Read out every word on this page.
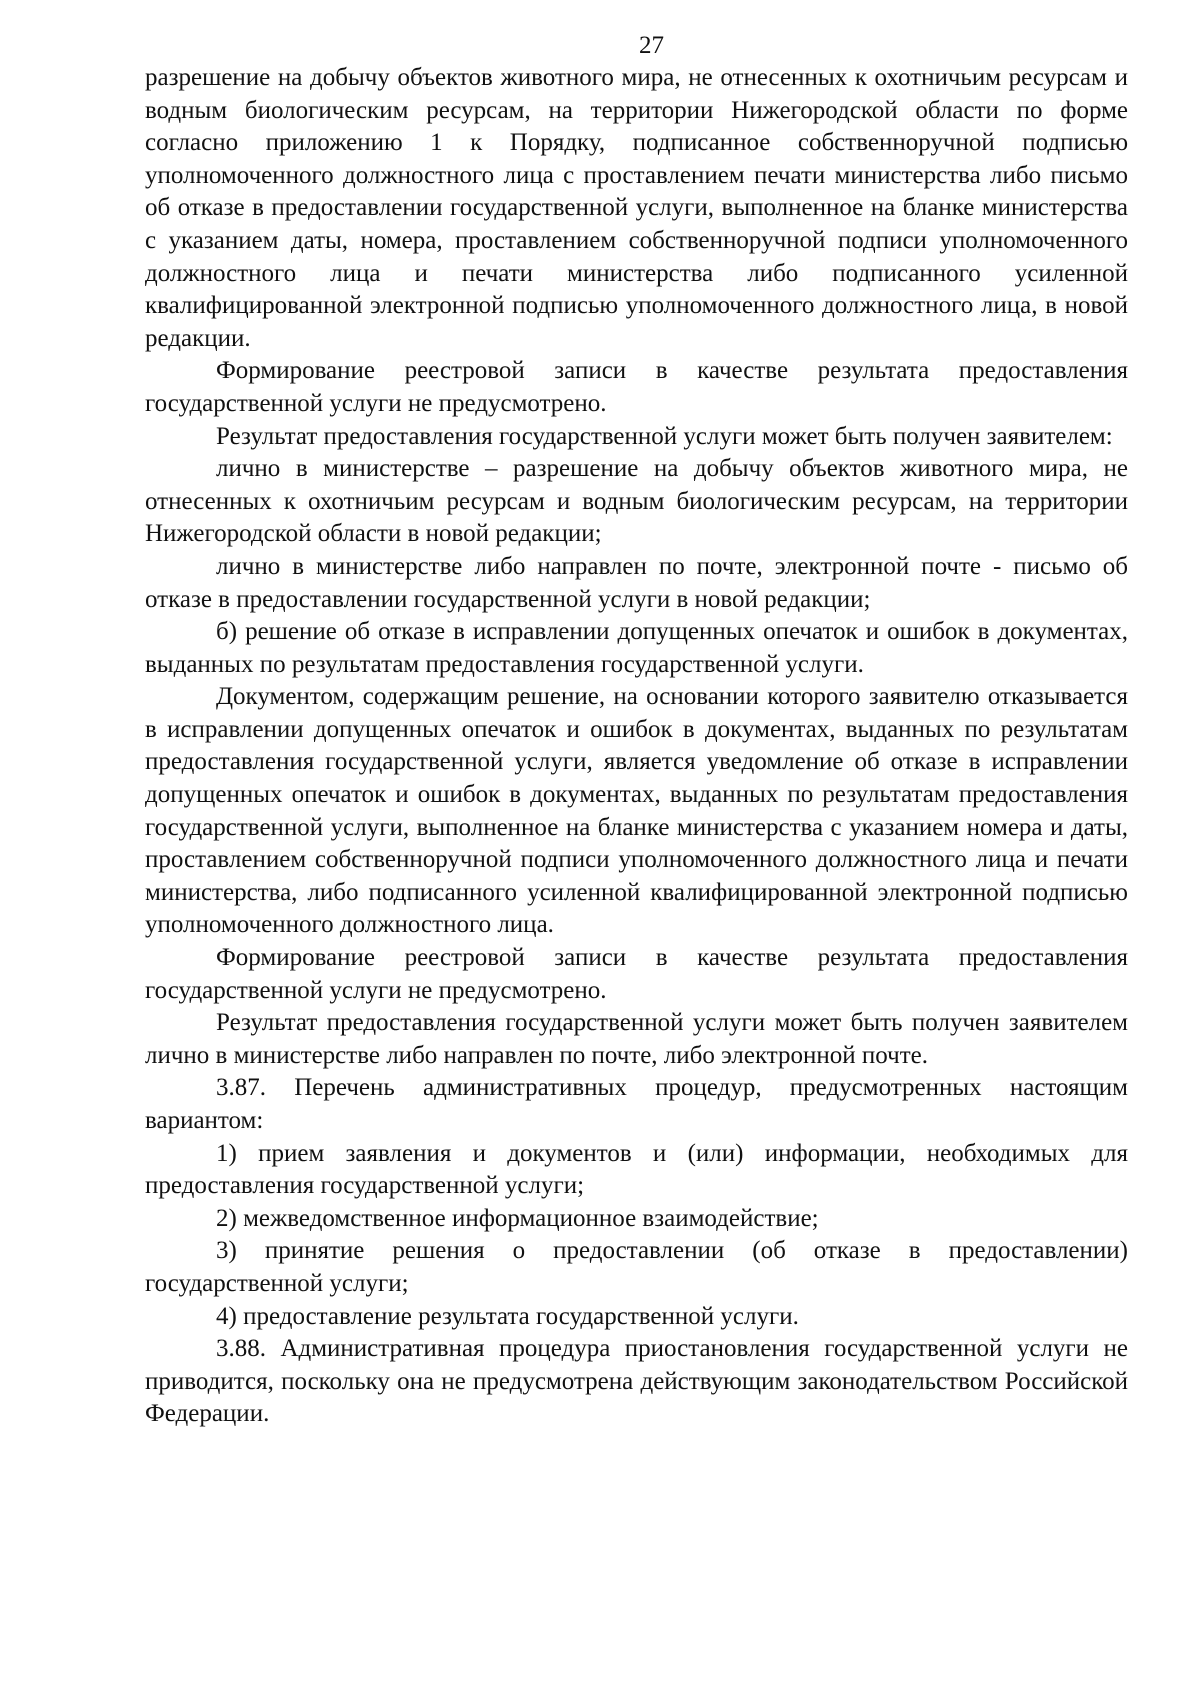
27

разрешение на добычу объектов животного мира, не отнесенных к охотничьим ресурсам и водным биологическим ресурсам, на территории Нижегородской области по форме согласно приложению 1 к Порядку, подписанное собственноручной подписью уполномоченного должностного лица с проставлением печати министерства либо письмо об отказе в предоставлении государственной услуги, выполненное на бланке министерства с указанием даты, номера, проставлением собственноручной подписи уполномоченного должностного лица и печати министерства либо подписанного усиленной квалифицированной электронной подписью уполномоченного должностного лица, в новой редакции.

Формирование реестровой записи в качестве результата предоставления государственной услуги не предусмотрено.

Результат предоставления государственной услуги может быть получен заявителем:

лично в министерстве – разрешение на добычу объектов животного мира, не отнесенных к охотничьим ресурсам и водным биологическим ресурсам, на территории Нижегородской области в новой редакции;

лично в министерстве либо направлен по почте, электронной почте - письмо об отказе в предоставлении государственной услуги в новой редакции;

б) решение об отказе в исправлении допущенных опечаток и ошибок в документах, выданных по результатам предоставления государственной услуги.

Документом, содержащим решение, на основании которого заявителю отказывается в исправлении допущенных опечаток и ошибок в документах, выданных по результатам предоставления государственной услуги, является уведомление об отказе в исправлении допущенных опечаток и ошибок в документах, выданных по результатам предоставления государственной услуги, выполненное на бланке министерства с указанием номера и даты, проставлением собственноручной подписи уполномоченного должностного лица и печати министерства, либо подписанного усиленной квалифицированной электронной подписью уполномоченного должностного лица.

Формирование реестровой записи в качестве результата предоставления государственной услуги не предусмотрено.

Результат предоставления государственной услуги может быть получен заявителем лично в министерстве либо направлен по почте, либо электронной почте.

3.87. Перечень административных процедур, предусмотренных настоящим вариантом:

1) прием заявления и документов и (или) информации, необходимых для предоставления государственной услуги;

2) межведомственное информационное взаимодействие;

3) принятие решения о предоставлении (об отказе в предоставлении) государственной услуги;

4) предоставление результата государственной услуги.

3.88. Административная процедура приостановления государственной услуги не приводится, поскольку она не предусмотрена действующим законодательством Российской Федерации.
